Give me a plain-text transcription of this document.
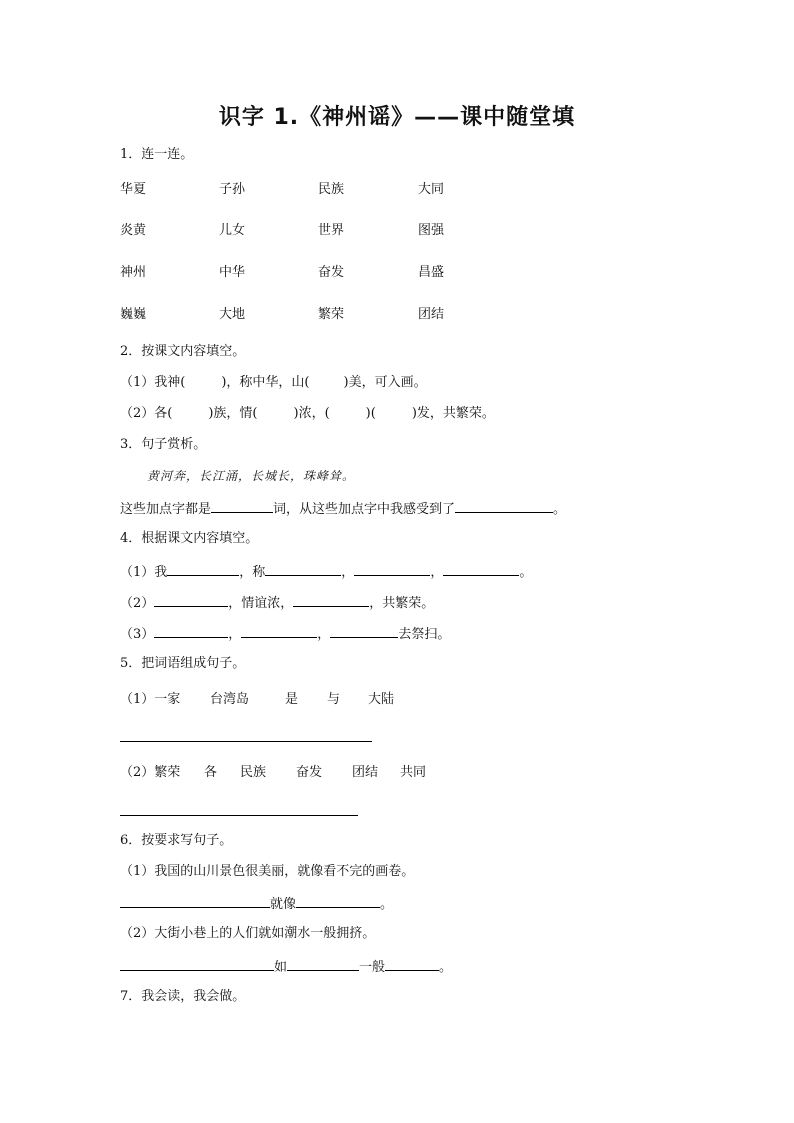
识字 1.《神州谣》——课中随堂填
1．连一连。
华夏	子孙	民族	大同
炎黄	儿女	世界	图强
神州	中华	奋发	昌盛
巍巍	大地	繁荣	团结
2．按课文内容填空。
（1）我神(	)，称中华，山(	)美，可入画。
（2）各(	)族，情(	)浓，(	)(	)发，共繁荣。
3．句子赏析。
黄河奔，长江涌，长城长，珠峰耸。
这些加点字都是	词，从这些加点字中我感受到了	。
4．根据课文内容填空。
（1）我	，称	，	，	。
（2）	，情谊浓，	，共繁荣。
（3）	，	，	去祭扫。
5．把词语组成句子。
（1）一家 台湾岛	是 与 大陆
（2）繁荣 各 民族 奋发 团结 共同
6．按要求写句子。
（1）我国的山川景色很美丽，就像看不完的画卷。
就像	。
（2）大街小巷上的人们就如潮水一般拥挤。
如	一般	。
7．我会读，我会做。
